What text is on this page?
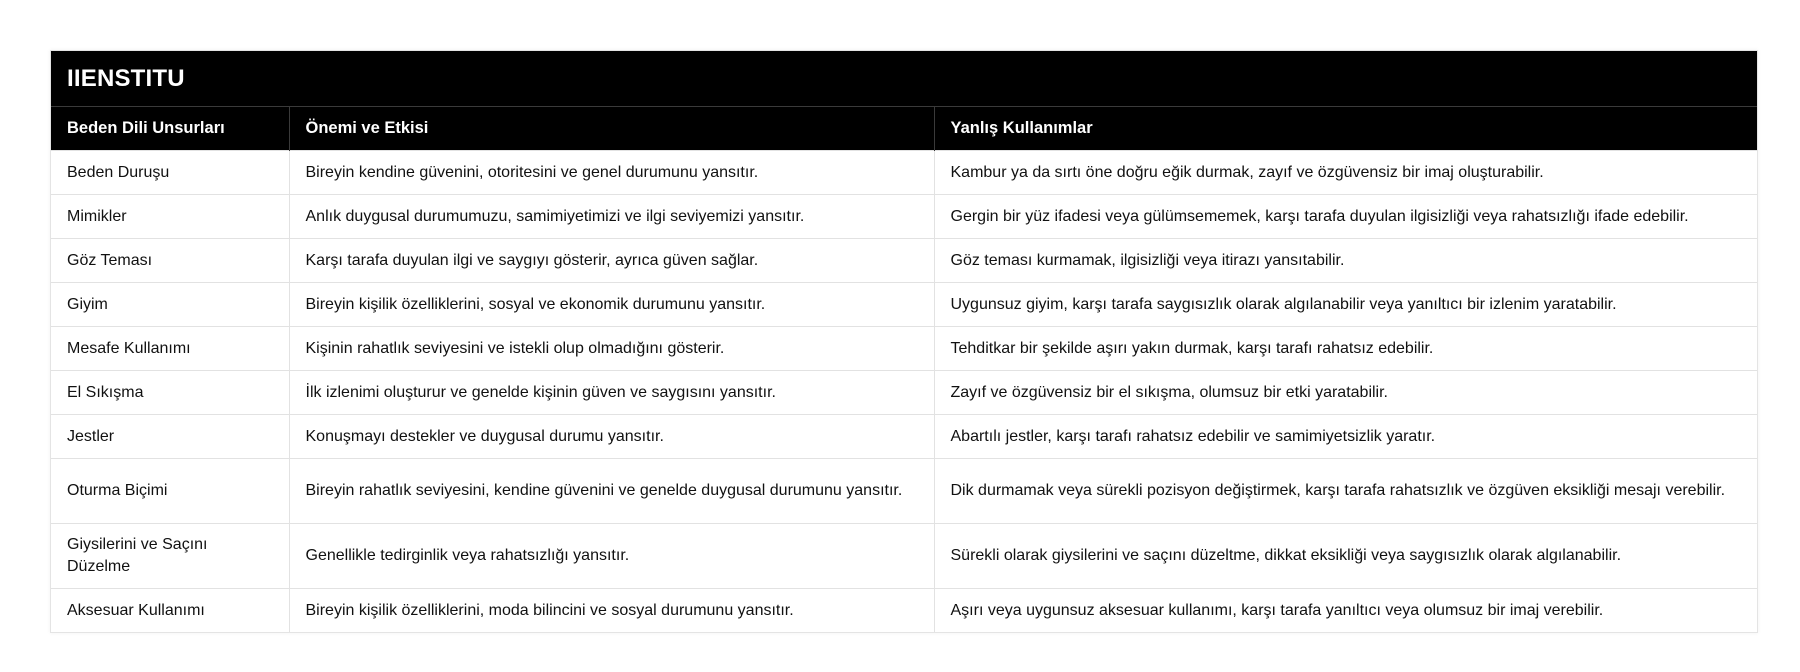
IIENSTITU
Beden Dili Unsurları	Önemi ve Etkisi	Yanlış Kullanımlar
Beden Duruşu	Bireyin kendine güvenini, otoritesini ve genel durumunu yansıtır.	Kambur ya da sırtı öne doğru eğik durmak, zayıf ve özgüvensiz bir imaj oluşturabilir.
Mimikler	Anlık duygusal durumumuzu, samimiyetimizi ve ilgi seviyemizi yansıtır.	Gergin bir yüz ifadesi veya gülümsememek, karşı tarafa duyulan ilgisizliği veya rahatsızlığı ifade edebilir.
Göz Teması	Karşı tarafa duyulan ilgi ve saygıyı gösterir, ayrıca güven sağlar.	Göz teması kurmamak, ilgisizliği veya itirazı yansıtabilir.
Giyim	Bireyin kişilik özelliklerini, sosyal ve ekonomik durumunu yansıtır.	Uygunsuz giyim, karşı tarafa saygısızlık olarak algılanabilir veya yanıltıcı bir izlenim yaratabilir.
Mesafe Kullanımı	Kişinin rahatlık seviyesini ve istekli olup olmadığını gösterir.	Tehditkar bir şekilde aşırı yakın durmak, karşı tarafı rahatsız edebilir.
El Sıkışma	İlk izlenimi oluşturur ve genelde kişinin güven ve saygısını yansıtır.	Zayıf ve özgüvensiz bir el sıkışma, olumsuz bir etki yaratabilir.
Jestler	Konuşmayı destekler ve duygusal durumu yansıtır.	Abartılı jestler, karşı tarafı rahatsız edebilir ve samimiyetsizlik yaratır.
Oturma Biçimi	Bireyin rahatlık seviyesini, kendine güvenini ve genelde duygusal durumunu yansıtır.	Dik durmamak veya sürekli pozisyon değiştirmek, karşı tarafa rahatsızlık ve özgüven eksikliği mesajı verebilir.
Giysilerini ve Saçını Düzelme	Genellikle tedirginlik veya rahatsızlığı yansıtır.	Sürekli olarak giysilerini ve saçını düzeltme, dikkat eksikliği veya saygısızlık olarak algılanabilir.
Aksesuar Kullanımı	Bireyin kişilik özelliklerini, moda bilincini ve sosyal durumunu yansıtır.	Aşırı veya uygunsuz aksesuar kullanımı, karşı tarafa yanıltıcı veya olumsuz bir imaj verebilir.
